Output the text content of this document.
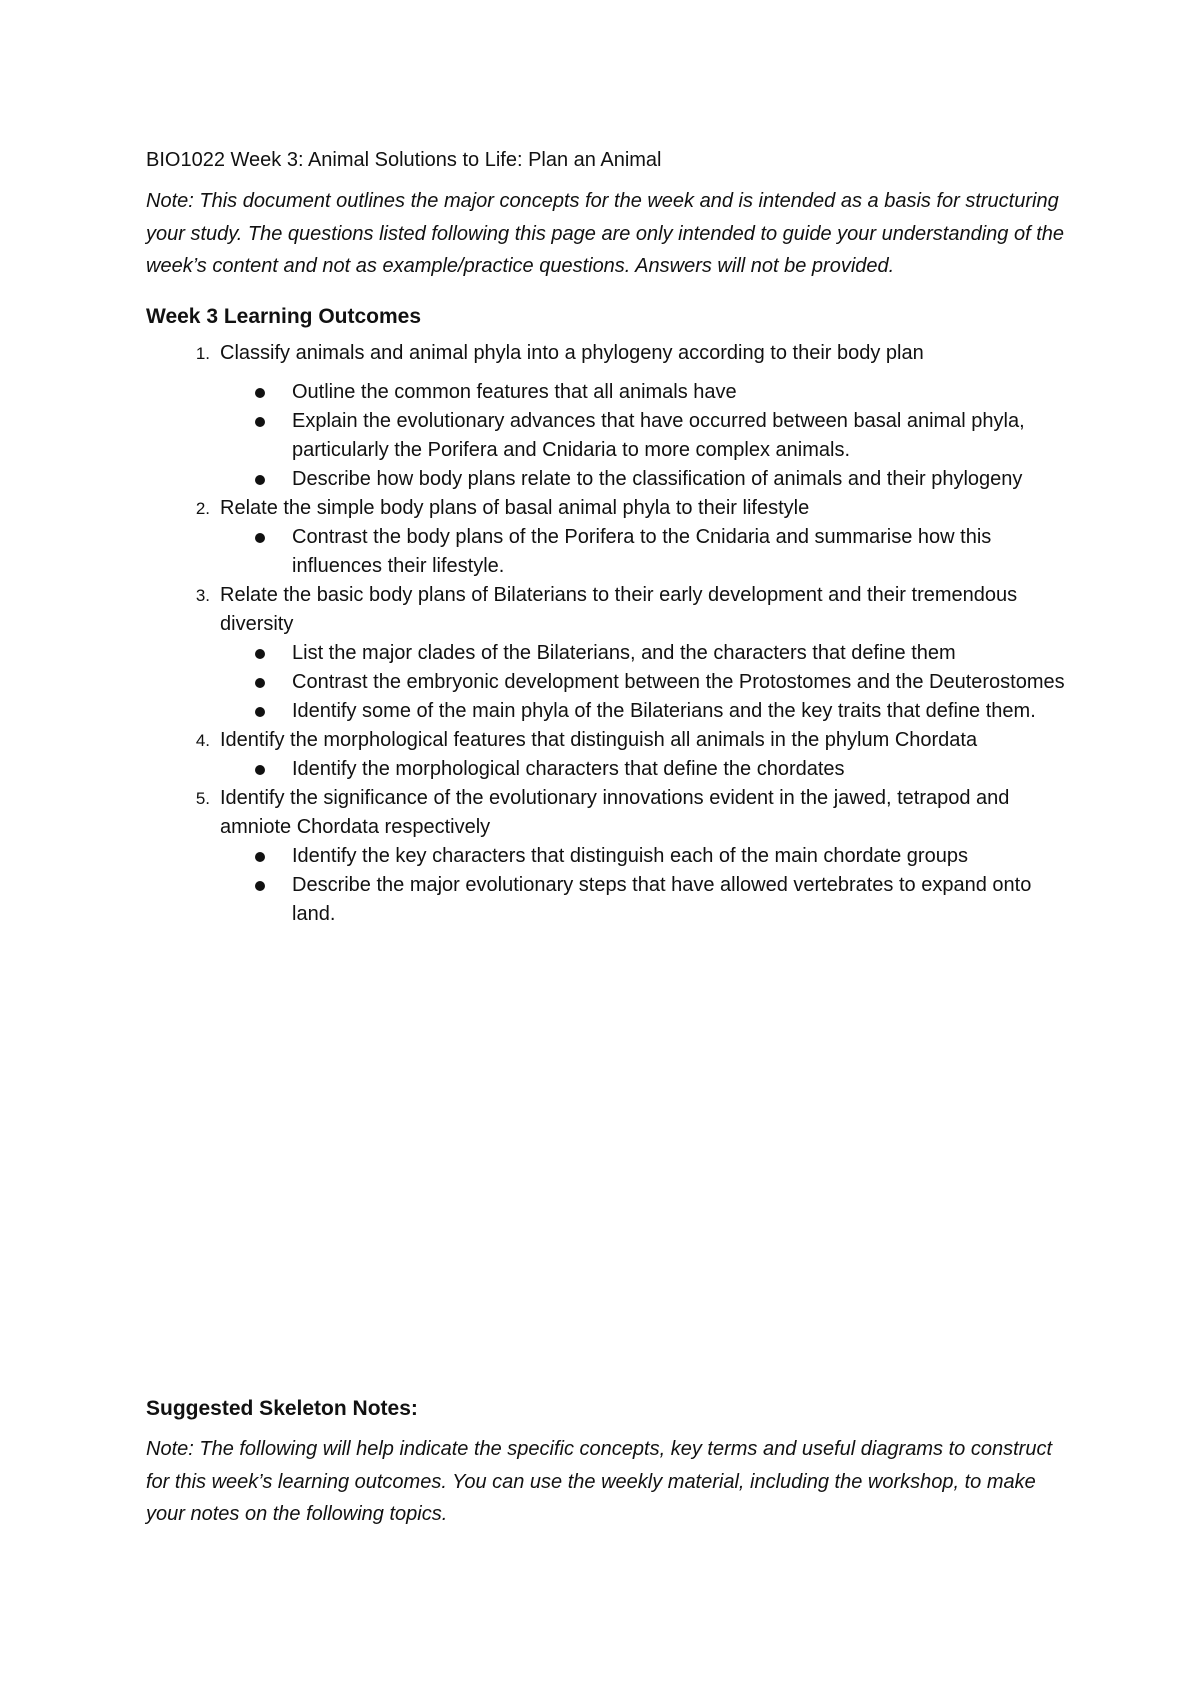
BIO1022 Week 3: Animal Solutions to Life: Plan an Animal

Note: This document outlines the major concepts for the week and is intended as a basis for structuring your study. The questions listed following this page are only intended to guide your understanding of the week’s content and not as example/practice questions. Answers will not be provided.

Week 3 Learning Outcomes

1. Classify animals and animal phyla into a phylogeny according to their body plan
Outline the common features that all animals have
Explain the evolutionary advances that have occurred between basal animal phyla, particularly the Porifera and Cnidaria to more complex animals.
Describe how body plans relate to the classification of animals and their phylogeny
2. Relate the simple body plans of basal animal phyla to their lifestyle
Contrast the body plans of the Porifera to the Cnidaria and summarise how this influences their lifestyle.
3. Relate the basic body plans of Bilaterians to their early development and their tremendous diversity
List the major clades of the Bilaterians, and the characters that define them
Contrast the embryonic development between the Protostomes and the Deuterostomes
Identify some of the main phyla of the Bilaterians and the key traits that define them.
4. Identify the morphological features that distinguish all animals in the phylum Chordata
Identify the morphological characters that define the chordates
5. Identify the significance of the evolutionary innovations evident in the jawed, tetrapod and amniote Chordata respectively
Identify the key characters that distinguish each of the main chordate groups
Describe the major evolutionary steps that have allowed vertebrates to expand onto land.

Suggested Skeleton Notes:

Note: The following will help indicate the specific concepts, key terms and useful diagrams to construct for this week’s learning outcomes. You can use the weekly material, including the workshop, to make your notes on the following topics.
